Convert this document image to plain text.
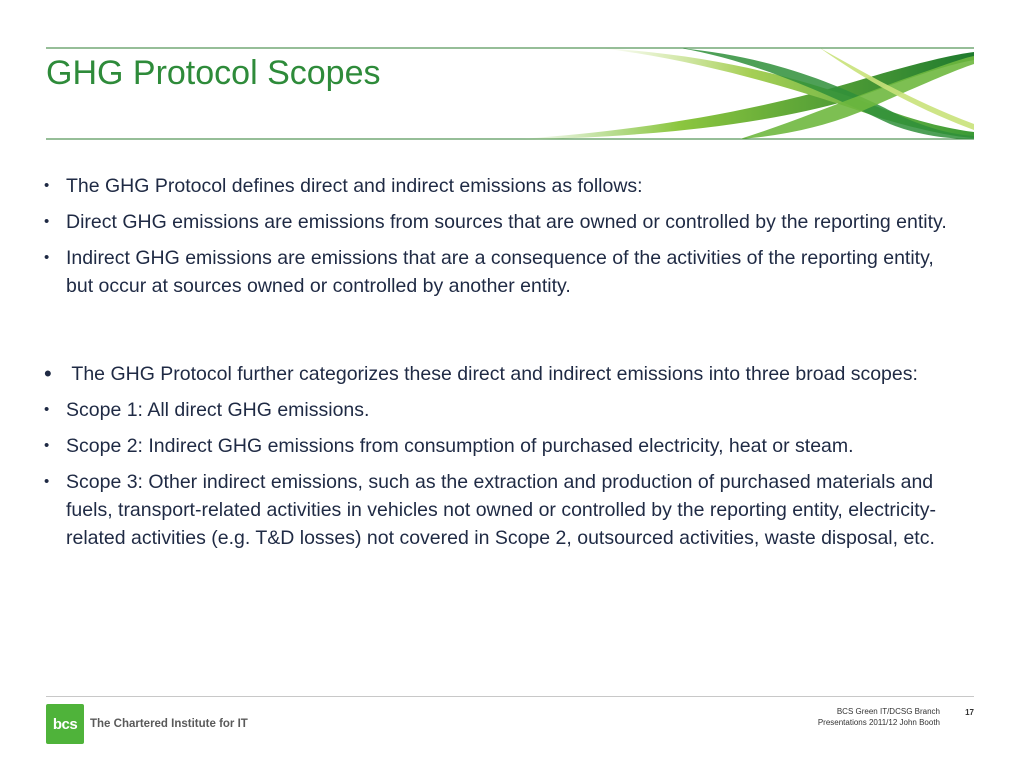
GHG Protocol Scopes
• The GHG Protocol defines direct and indirect emissions as follows:
• Direct GHG emissions are emissions from sources that are owned or controlled by the reporting entity.
• Indirect GHG emissions are emissions that are a consequence of the activities of the reporting entity, but occur at sources owned or controlled by another entity.
• The GHG Protocol further categorizes these direct and indirect emissions into three broad scopes:
• Scope 1: All direct GHG emissions.
• Scope 2: Indirect GHG emissions from consumption of purchased electricity, heat or steam.
• Scope 3: Other indirect emissions, such as the extraction and production of purchased materials and fuels, transport-related activities in vehicles not owned or controlled by the reporting entity, electricity-related activities (e.g. T&D losses) not covered in Scope 2, outsourced activities, waste disposal, etc.
bcs	The Chartered Institute for IT
BCS Green IT/DCSG Branch
Presentations 2011/12 John Booth
17
